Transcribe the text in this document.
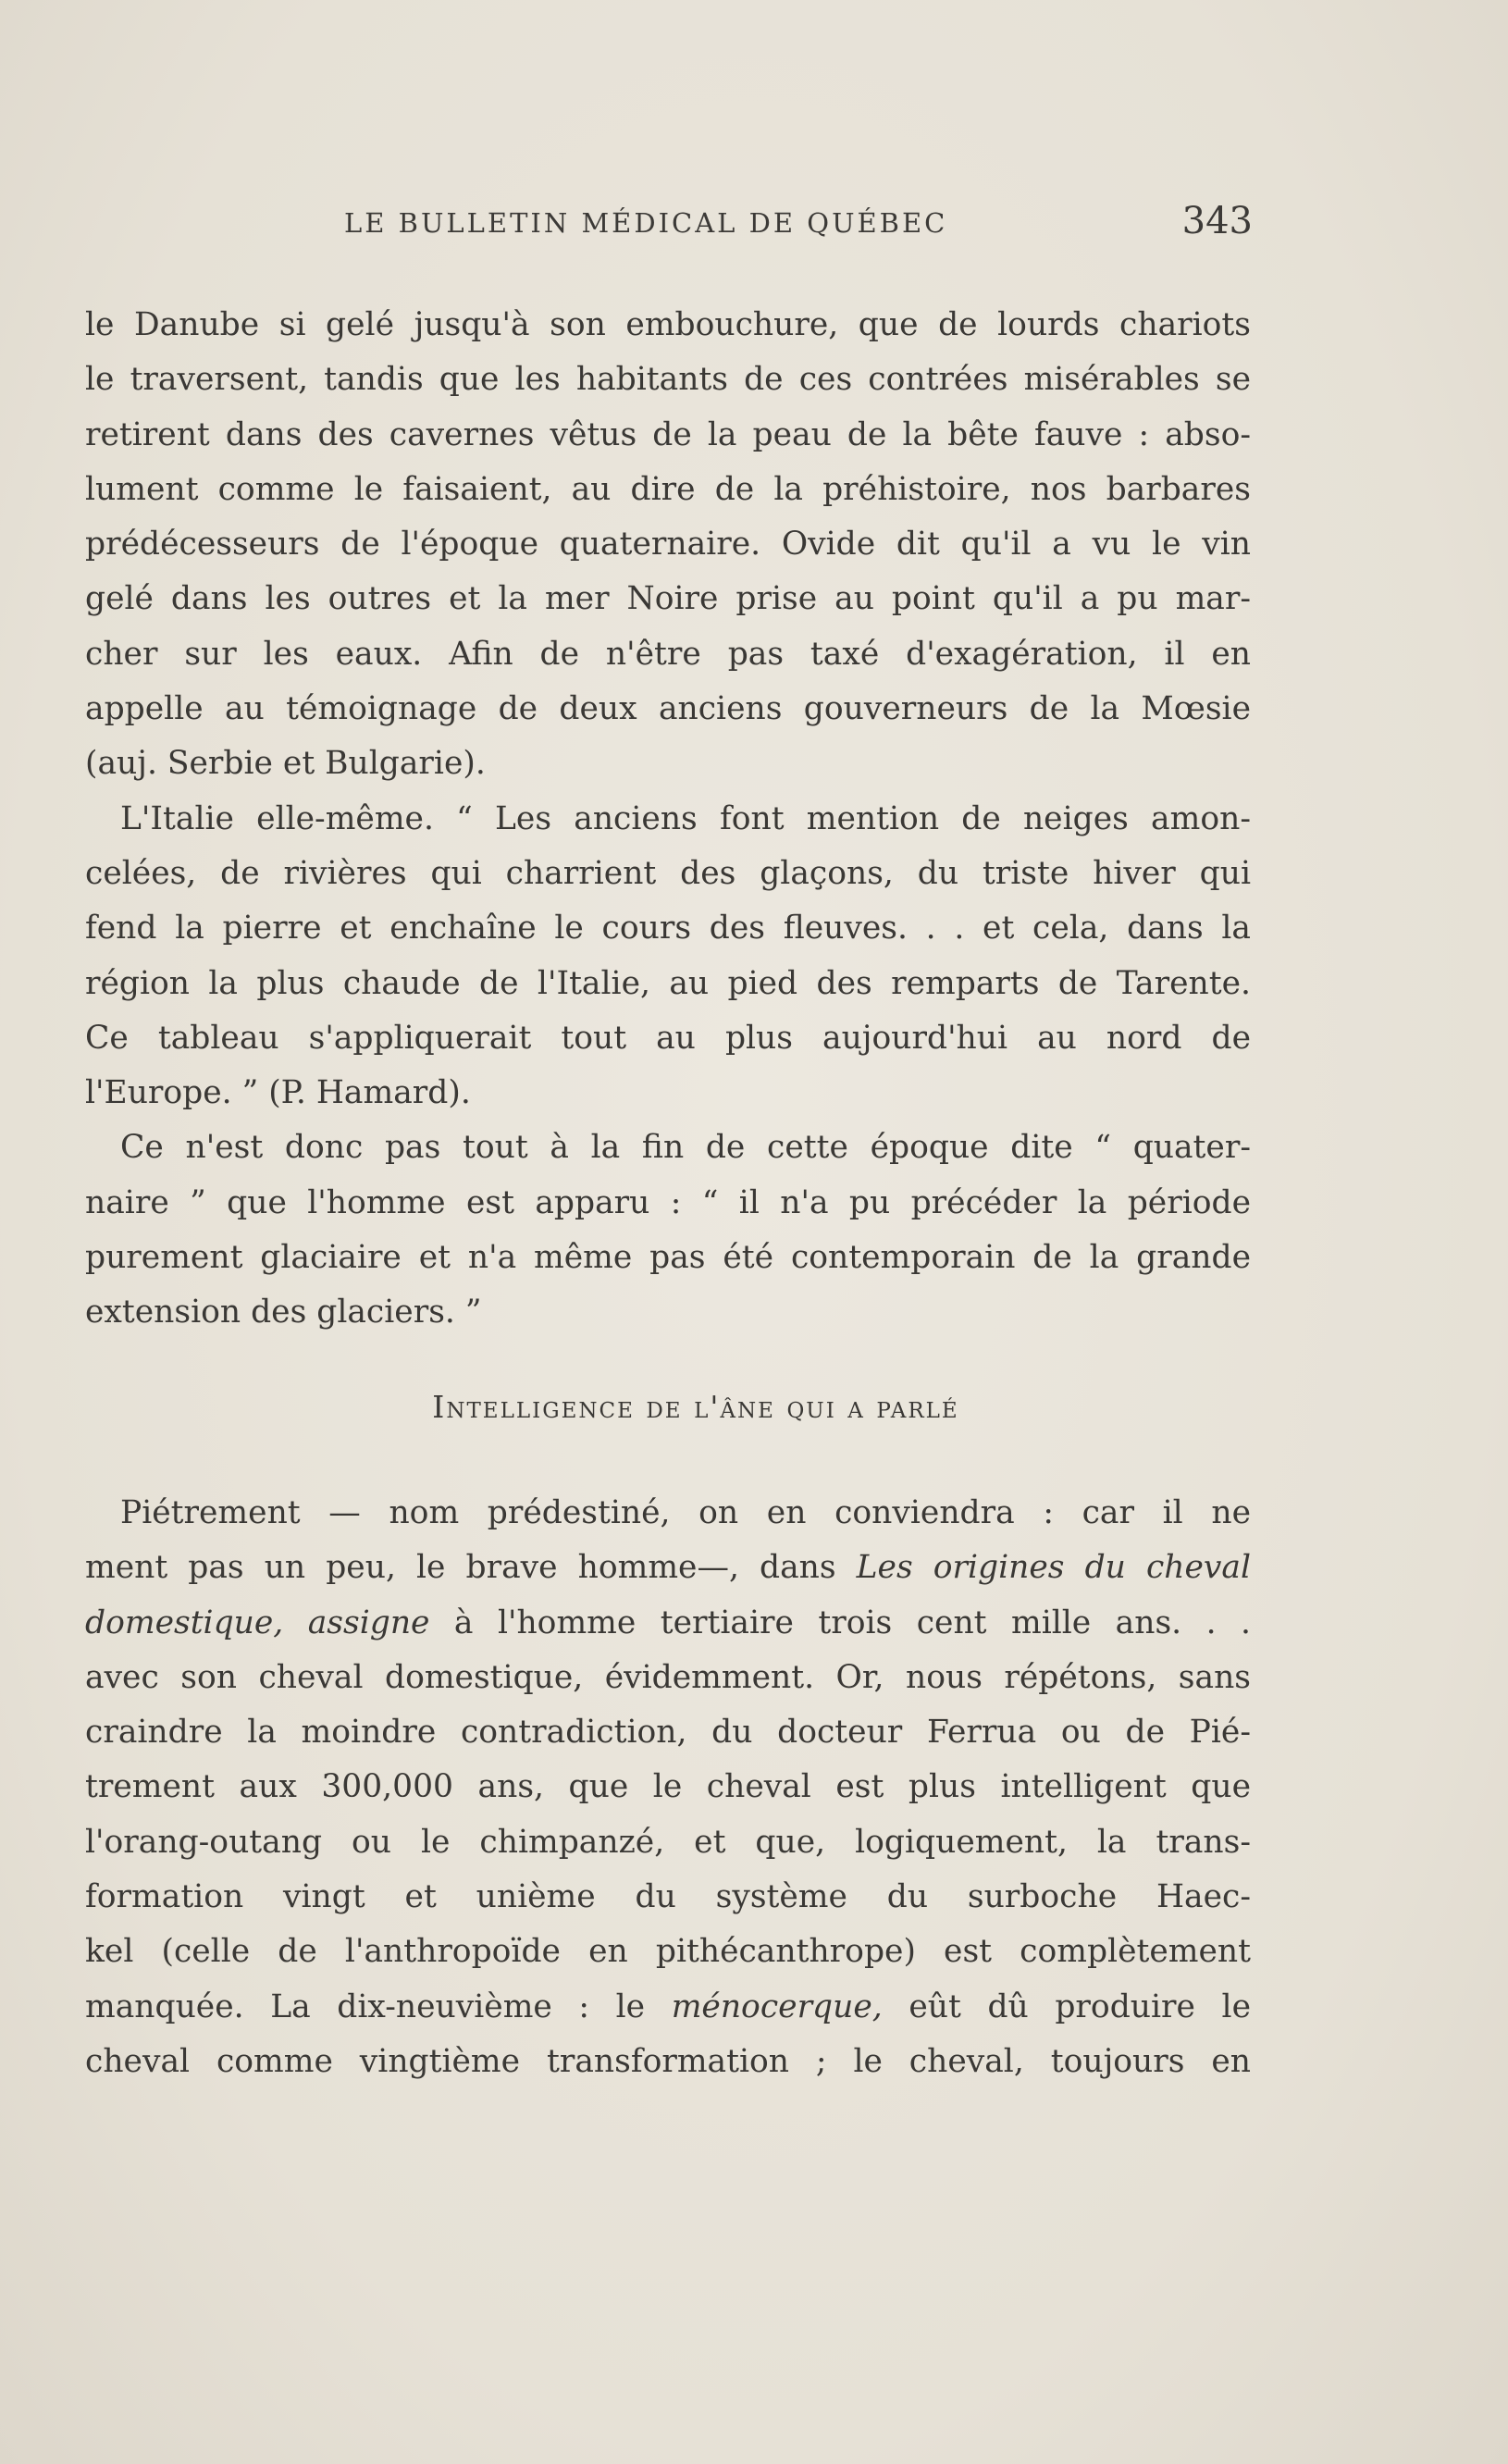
LE BULLETIN MÉDICAL DE QUÉBEC	343

le Danube si gelé jusqu'à son embouchure, que de lourds chariots
le traversent, tandis que les habitants de ces contrées misérables se
retirent dans des cavernes vêtus de la peau de la bête fauve : abso-
lument comme le faisaient, au dire de la préhistoire, nos barbares
prédécesseurs de l'époque quaternaire. Ovide dit qu'il a vu le vin
gelé dans les outres et la mer Noire prise au point qu'il a pu mar-
cher sur les eaux. Afin de n'être pas taxé d'exagération, il en
appelle au témoignage de deux anciens gouverneurs de la Mœsie
(auj. Serbie et Bulgarie).

L'Italie elle-même. “ Les anciens font mention de neiges amon-
celées, de rivières qui charrient des glaçons, du triste hiver qui
fend la pierre et enchaîne le cours des fleuves. . . et cela, dans la
région la plus chaude de l'Italie, au pied des remparts de Tarente.
Ce tableau s'appliquerait tout au plus aujourd'hui au nord de
l'Europe. ” (P. Hamard).

Ce n'est donc pas tout à la fin de cette époque dite “ quater-
naire ” que l'homme est apparu : “ il n'a pu précéder la période
purement glaciaire et n'a même pas été contemporain de la grande
extension des glaciers. ”

Intelligence de l'âne qui a parlé

Piétrement — nom prédestiné, on en conviendra : car il ne
ment pas un peu, le brave homme—, dans Les origines du cheval
domestique, assigne à l'homme tertiaire trois cent mille ans. . .
avec son cheval domestique, évidemment. Or, nous répétons, sans
craindre la moindre contradiction, du docteur Ferrua ou de Pié-
trement aux 300,000 ans, que le cheval est plus intelligent que
l'orang-outang ou le chimpanzé, et que, logiquement, la trans-
formation vingt et unième du système du surboche Haec-
kel (celle de l'anthropoïde en pithécanthrope) est complètement
manquée. La dix-neuvième : le ménocerque, eût dû produire le
cheval comme vingtième transformation ; le cheval, toujours en
